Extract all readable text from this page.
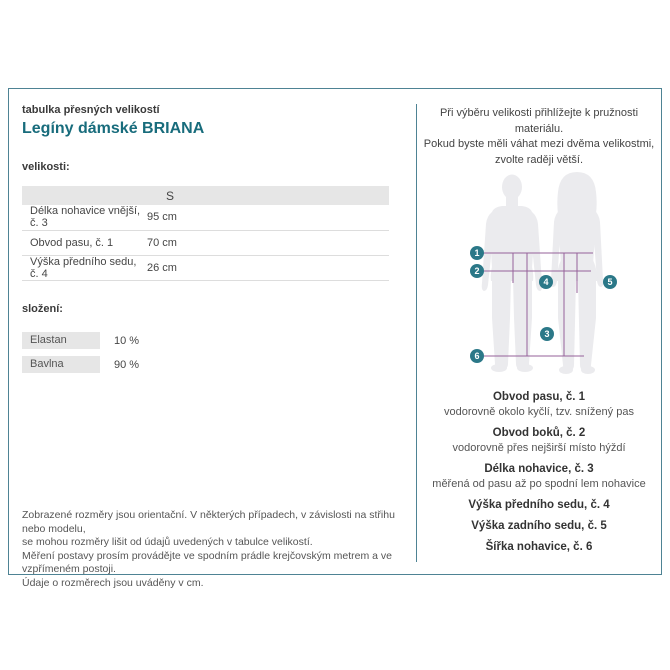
tabulka přesných velikostí
Legíny dámské BRIANA
velikosti:
	S	
Délka nohavice vnější, č. 3	95 cm	
Obvod pasu, č. 1	70 cm	
Výška předního sedu, č. 4	26 cm	
složení:
Elastan	10 %
Bavlna	90 %
Zobrazené rozměry jsou orientační. V některých případech, v závislosti na střihu nebo modelu,
se mohou rozměry lišit od údajů uvedených v tabulce velikostí.
Měření postavy prosím provádějte ve spodním prádle krejčovským metrem a ve vzpřímeném postoji.
Údaje o rozměrech jsou uváděny v cm.
Při výběru velikosti přihlížejte k pružnosti materiálu.
Pokud byste měli váhat mezi dvěma velikostmi,
zvolte raději větší.
1
2
4	5
3
6
Obvod pasu, č. 1
vodorovně okolo kyčlí, tzv. snížený pas
Obvod boků, č. 2
vodorovně přes nejširší místo hýždí
Délka nohavice, č. 3
měřená od pasu až po spodní lem nohavice
Výška předního sedu, č. 4
Výška zadního sedu, č. 5
Šířka nohavice, č. 6
